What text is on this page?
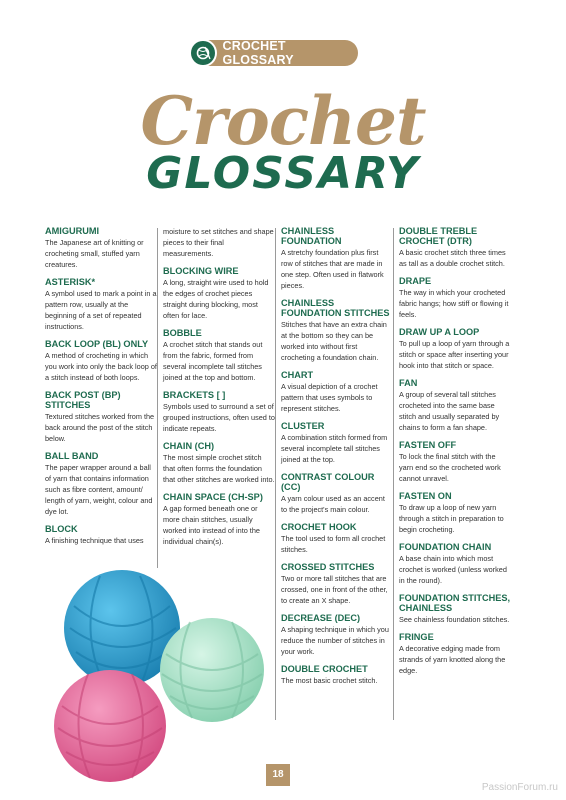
CROCHET GLOSSARY
Crochet
GLOSSARY
AMIGURUMI
The Japanese art of knitting or crocheting small, stuffed yarn creatures.
ASTERISK*
A symbol used to mark a point in a pattern row, usually at the beginning of a set of repeated instructions.
BACK LOOP (BL) ONLY
A method of crocheting in which you work into only the back loop of a stitch instead of both loops.
BACK POST (BP) STITCHES
Textured stitches worked from the back around the post of the stitch below.
BALL BAND
The paper wrapper around a ball of yarn that contains information such as fibre content, amount/ length of yarn, weight, colour and dye lot.
BLOCK
A finishing technique that uses
moisture to set stitches and shape pieces to their final measurements.
BLOCKING WIRE
A long, straight wire used to hold the edges of crochet pieces straight during blocking, most often for lace.
BOBBLE
A crochet stitch that stands out from the fabric, formed from several incomplete tall stitches joined at the top and bottom.
BRACKETS [ ]
Symbols used to surround a set of grouped instructions, often used to indicate repeats.
CHAIN (CH)
The most simple crochet stitch that often forms the foundation that other stitches are worked into.
CHAIN SPACE (CH-SP)
A gap formed beneath one or more chain stitches, usually worked into instead of into the individual chain(s).
CHAINLESS FOUNDATION
A stretchy foundation plus first row of stitches that are made in one step. Often used in flatwork pieces.
CHAINLESS FOUNDATION STITCHES
Stitches that have an extra chain at the bottom so they can be worked into without first crocheting a foundation chain.
CHART
A visual depiction of a crochet pattern that uses symbols to represent stitches.
CLUSTER
A combination stitch formed from several incomplete tall stitches joined at the top.
CONTRAST COLOUR (CC)
A yarn colour used as an accent to the project's main colour.
CROCHET HOOK
The tool used to form all crochet stitches.
CROSSED STITCHES
Two or more tall stitches that are crossed, one in front of the other, to create an X shape.
DECREASE (DEC)
A shaping technique in which you reduce the number of stitches in your work.
DOUBLE CROCHET
The most basic crochet stitch.
DOUBLE TREBLE CROCHET (DTR)
A basic crochet stitch three times as tall as a double crochet stitch.
DRAPE
The way in which your crocheted fabric hangs; how stiff or flowing it feels.
DRAW UP A LOOP
To pull up a loop of yarn through a stitch or space after inserting your hook into that stitch or space.
FAN
A group of several tall stitches crocheted into the same base stitch and usually separated by chains to form a fan shape.
FASTEN OFF
To lock the final stitch with the yarn end so the crocheted work cannot unravel.
FASTEN ON
To draw up a loop of new yarn through a stitch in preparation to begin crocheting.
FOUNDATION CHAIN
A base chain into which most crochet is worked (unless worked in the round).
FOUNDATION STITCHES, CHAINLESS
See chainless foundation stitches.
FRINGE
A decorative edging made from strands of yarn knotted along the edge.
18
PassionForum.ru
